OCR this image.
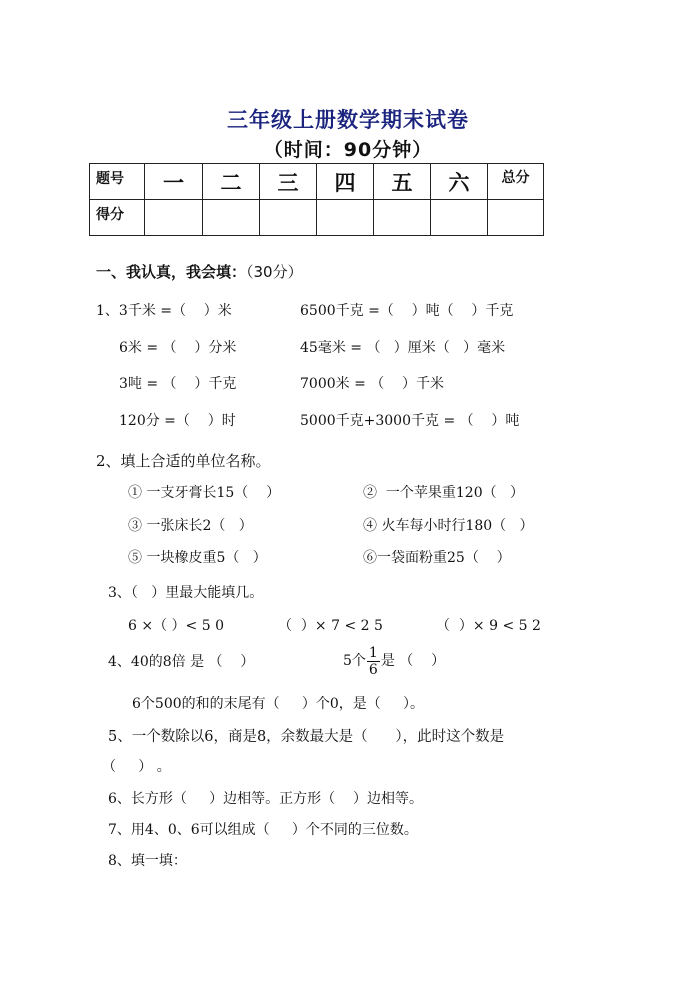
三年级上册数学期末试卷
（时间：90分钟）
题号	一	二	三	四	五	六	总分
得分							
一、我认真，我会填：（30分）
1、3千米 =（    ）米	6500千克 =（    ）吨（    ）千克
6米 = （    ）分米	45毫米 = （   ）厘米（   ）毫米
3吨 = （    ）千克	7000米 = （    ）千米
120分 =（    ）时	5000千克+3000千克 = （    ）吨
2、填上合适的单位名称。
① 一支牙膏长15（    ）	②  一个苹果重120（   ）
③ 一张床长2（   ）	④ 火车每小时行180（   ）
⑤ 一块橡皮重5（   ）	⑥一袋面粉重25（    ）
3、（   ）里最大能填几。
6 ×（ ）< 5 0	（  ）× 7 < 2 5	（  ）× 9 < 5 2
4、40的8倍 是 （    ）	5个 $\frac{1}{6}$ 是 （    ）
6个500的和的末尾有（     ）个0，是（     ）。
5、一个数除以6，商是8，余数最大是（      ），此时这个数是
（     ） 。
6、长方形（     ）边相等。正方形（    ）边相等。
7、用4、0、6可以组成（     ）个不同的三位数。
8、填一填：
